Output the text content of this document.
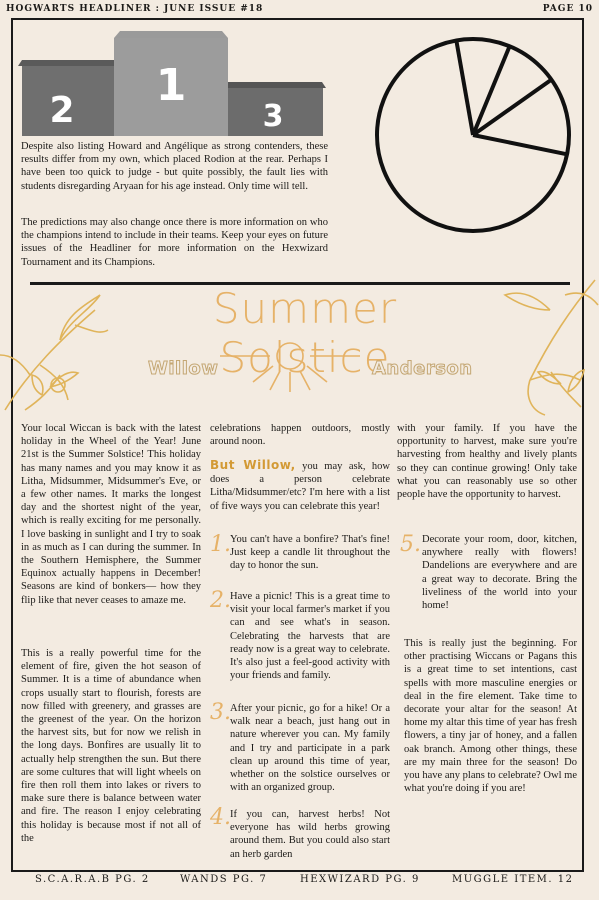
HOGWARTS HEADLINER : JUNE ISSUE #18	PAGE 10
2 1
3
Despite also listing Howard and Angélique as strong contenders, these results differ from my own, which placed Rodion at the rear. Perhaps I have been too quick to judge - but quite possibly, the fault lies with students disregarding Aryaan for his age instead. Only time will tell.
The predictions may also change once there is more information on who the champions intend to include in their teams. Keep your eyes on future issues of the Headliner for more information on the Hexwizard Tournament and its Champions.
Summer Solstice
Willow	Anderson
Your local Wiccan is back with the latest holiday in the Wheel of the Year! June 21st is the Summer Solstice! This holiday has many names and you may know it as Litha, Midsummer, Midsummer's Eve, or a few other names. It marks the longest day and the shortest night of the year, which is really exciting for me personally. I love basking in sunlight and I try to soak in as much as I can during the summer. In the Southern Hemisphere, the Summer Equinox actually happens in December! Seasons are kind of bonkers— how they flip like that never ceases to amaze me.
This is a really powerful time for the element of fire, given the hot season of Summer. It is a time of abundance when crops usually start to flourish, forests are now filled with greenery, and grasses are the greenest of the year. On the horizon the harvest sits, but for now we relish in the long days. Bonfires are usually lit to actually help strengthen the sun. But there are some cultures that will light wheels on fire then roll them into lakes or rivers to make sure there is balance between water and fire. The reason I enjoy celebrating this holiday is because most if not all of the
celebrations happen outdoors, mostly around noon.
But Willow, you may ask, how does a person celebrate Litha/Midsummer/etc? I'm here with a list of five ways you can celebrate this year!
1. You can't have a bonfire? That's fine! Just keep a candle lit throughout the day to honor the sun.
2. Have a picnic! This is a great time to visit your local farmer's market if you can and see what's in season. Celebrating the harvests that are ready now is a great way to celebrate. It's also just a feel-good activity with your friends and family.
3. After your picnic, go for a hike! Or a walk near a beach, just hang out in nature wherever you can. My family and I try and participate in a park clean up around this time of year, whether on the solstice ourselves or with an organized group.
4. If you can, harvest herbs! Not everyone has wild herbs growing around them. But you could also start an herb garden
with your family. If you have the opportunity to harvest, make sure you're harvesting from healthy and lively plants so they can continue growing! Only take what you can reasonably use so other people have the opportunity to harvest.
5. Decorate your room, door, kitchen, anywhere really with flowers! Dandelions are everywhere and are a great way to decorate. Bring the liveliness of the world into your home!
This is really just the beginning. For other practising Wiccans or Pagans this is a great time to set intentions, cast spells with more masculine energies or deal in the fire element. Take time to decorate your altar for the season! At home my altar this time of year has fresh flowers, a tiny jar of honey, and a fallen oak branch. Among other things, these are my main three for the season! Do you have any plans to celebrate? Owl me what you're doing if you are!
S.C.A.R.A.B PG. 2	WANDS PG. 7	HEXWIZARD PG. 9	MUGGLE ITEM. 12
